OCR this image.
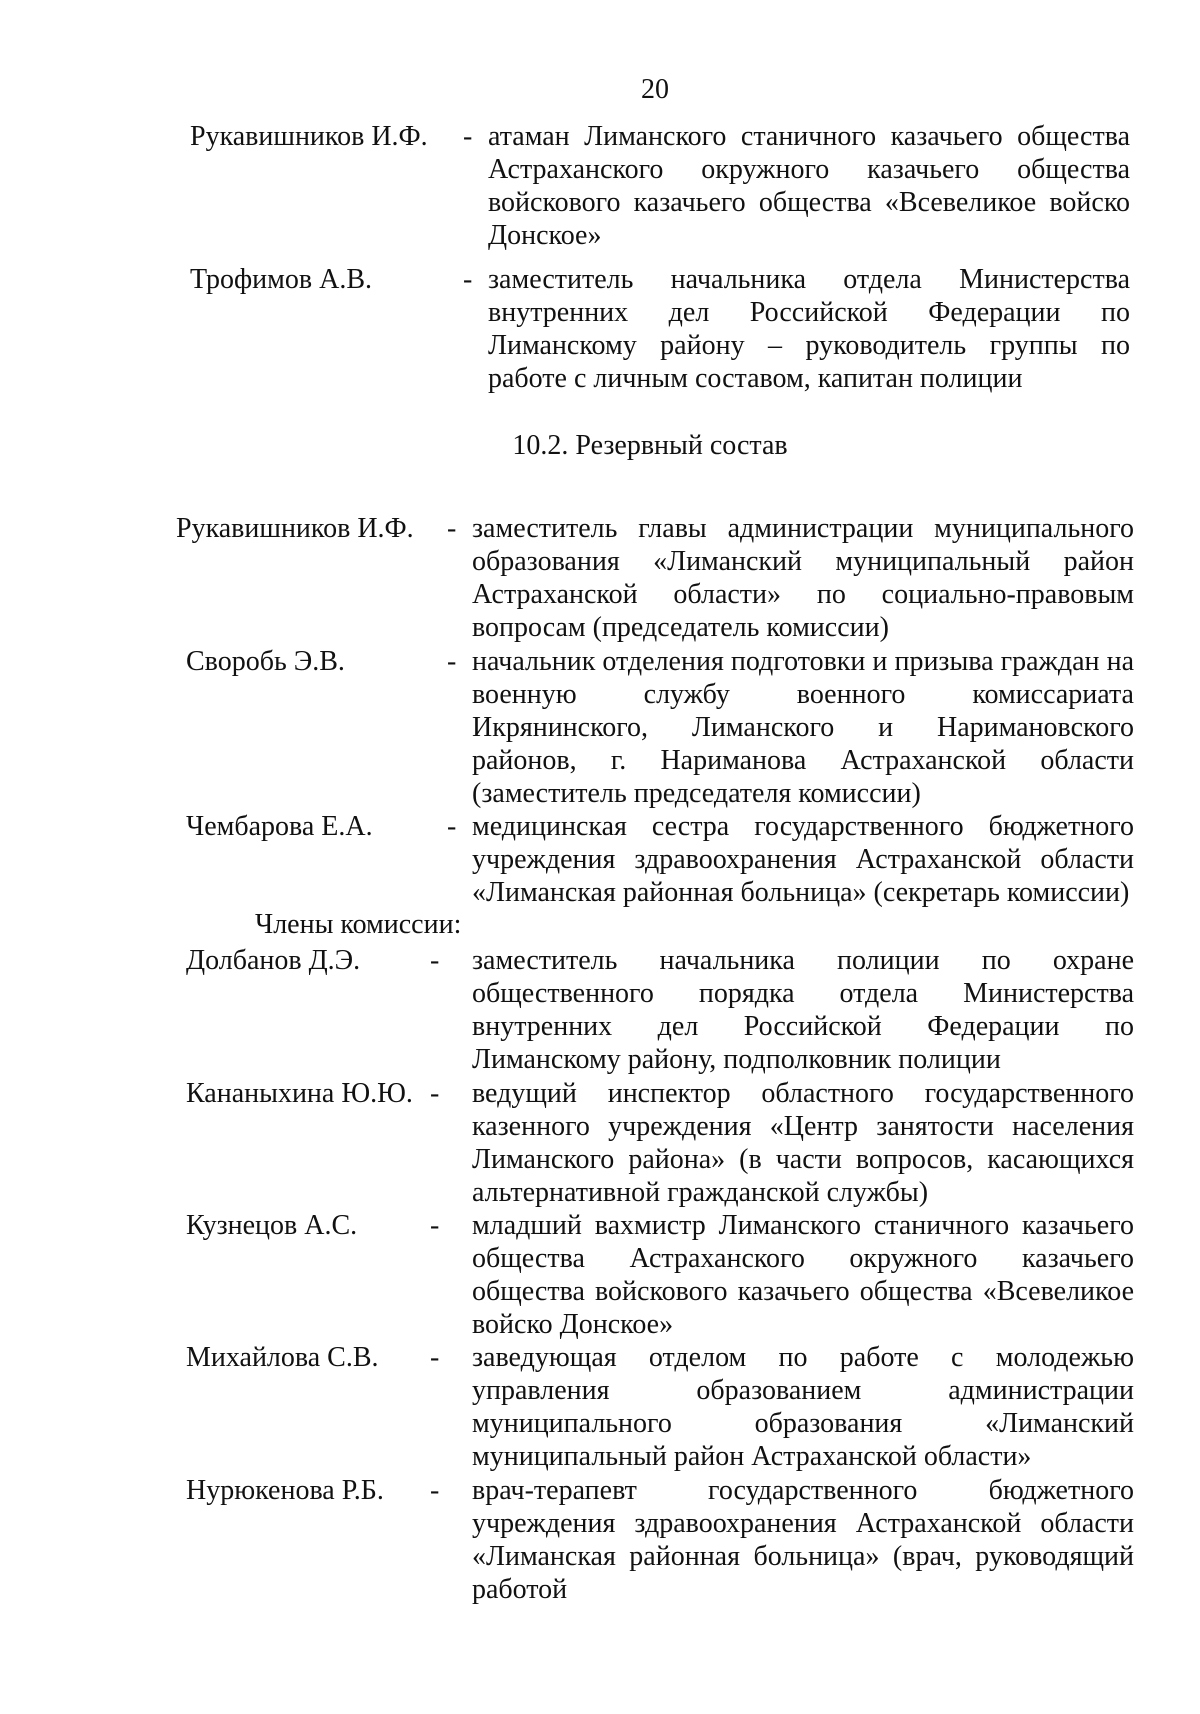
20
Рукавишников И.Ф. - атаман Лиманского станичного казачьего общества Астраханского окружного казачьего общества войскового казачьего общества «Всевеликое войско Донское»
Трофимов А.В.	- заместитель начальника отдела Министерства внутренних дел Российской Федерации по Лиманскому району – руководитель группы по работе с личным составом, капитан полиции
10.2. Резервный состав
Рукавишников И.Ф. - заместитель главы администрации муниципального образования «Лиманский муниципальный район Астраханской области» по социально-правовым вопросам (председатель комиссии)
Своробь Э.В.	- начальник отделения подготовки и призыва граждан на военную службу военного комиссариата Икрянинского, Лиманского и Наримановского районов, г. Нариманова Астраханской области (заместитель председателя комиссии)
Чембарова Е.А.	- медицинская сестра государственного бюджетного учреждения здравоохранения Астраханской области «Лиманская районная больница» (секретарь комиссии)
Члены комиссии:
Долбанов Д.Э. - заместитель начальника полиции по охране общественного порядка отдела Министерства внутренних дел Российской Федерации по Лиманскому району, подполковник полиции
Кананыхина Ю.Ю. - ведущий инспектор областного государственного казенного учреждения «Центр занятости населения Лиманского района» (в части вопросов, касающихся альтернативной гражданской службы)
Кузнецов А.С.	- младший вахмистр Лиманского станичного казачьего общества Астраханского окружного казачьего общества войскового казачьего общества «Всевеликое войско Донское»
Михайлова С.В. - заведующая отделом по работе с молодежью управления образованием администрации муниципального образования «Лиманский муниципальный район Астраханской области»
Нурюкенова Р.Б. - врач-терапевт государственного бюджетного учреждения здравоохранения Астраханской области «Лиманская районная больница» (врач, руководящий работой
